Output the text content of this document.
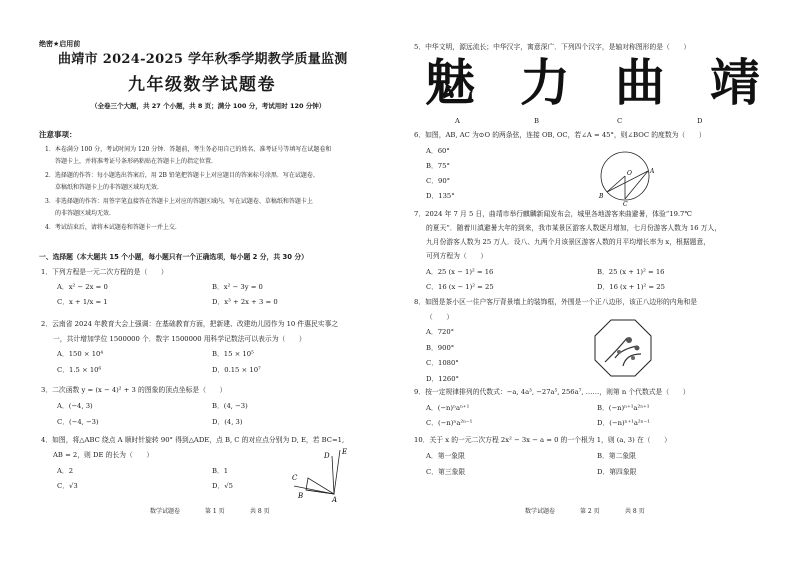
绝密★启用前
曲靖市 2024-2025 学年秋季学期教学质量监测
九年级数学试题卷
（全卷三个大题，共 27 个小题，共 8 页；满分 100 分，考试用时 120 分钟）
注意事项：
1．本卷满分 100 分，考试时间为 120 分钟．答题前，考生务必用自己的姓名、准考证号等填写在试题卷和
答题卡上，并将准考证号条形码粘贴在答题卡上的指定位置.
2．选择题的作答：每小题选出答案后，用 2B 铅笔把答题卡上对应题目的答案标号涂黑．写在试题卷、
草稿纸和答题卡上的非答题区域均无效.
3．非选择题的作答：用签字笔直接答在答题卡上对应的答题区域内，写在试题卷、草稿纸和答题卡上
的非答题区域均无效.
4．考试结束后，请将本试题卷和答题卡一并上交.
一、选择题（本大题共 15 个小题，每小题只有一个正确选项，每小题 2 分，共 30 分）
1．下列方程是一元二次方程的是（　　）
A．x² − 2x = 0	B．x² − 3y = 0
C．x + 1/x = 1	D．x³ + 2x + 3 = 0
2．云南省 2024 年教育大会上强调：在基础教育方面，把新建、改建幼儿园作为 10 件惠民实事之
一，共计增加学位 1500000 个．数字 1500000 用科学记数法可以表示为（　　）
A．150 × 10⁴	B．15 × 10⁵
C．1.5 × 10⁶	D．0.15 × 10⁷
3．二次函数 y = (x − 4)² + 3 的图象的顶点坐标是（　　）
A．(−4, 3)	B．(4, −3)
C．(−4, −3)	D．(4, 3)
4．如图，将△ABC 绕点 A 顺时针旋转 90° 得到△ADE，点 B, C 的对应点分别为 D, E，若 BC=1,
AB = 2，则 DE 的长为（　　）
A．2	B．1
C．√3	D．√5
E
D
C
B	A
数学试题卷	第 1 页	共 8 页
5．中华文明，源远流长；中华汉字，寓意深广．下列四个汉字，是轴对称图形的是（　　）
魅 力 曲 靖
A	B	C	D
6．如图，AB, AC 为⊙O 的两条弦，连接 OB, OC，若∠A = 45°，则∠BOC 的度数为（　　）
A．60°
B．75°
C．90°
D．135°
A
O
B
C
7．2024 年 7 月 5 日，曲靖市举行麒麟新闻发布会，城里各地游客来曲避暑，体验“19.7℃
的夏天”．随着川滇避暑大年的到来，我市某景区游客人数逐月增加，七月份游客人数为 16 万人，
九月份游客人数为 25 万人．设八、九两个月该景区游客人数的月平均增长率为 x，根据题意，
可列方程为（　　）
A．25 (x − 1)² = 16	B．25 (x + 1)² = 16
C．16 (x − 1)² = 25	D．16 (x + 1)² = 25
8．如图是茶小区一住户客厅背景墙上的装饰框，外围是一个正八边形，该正八边形的内角和是
（　　）
A．720°
B．900°
C．1080°
D．1260°
9．按一定规律排列的代数式：−a, 4a³, −27a⁵, 256a⁷, ……，则第 n 个代数式是（　　）
A．(−n)ⁿaⁿ⁺¹	B．(−n)ⁿ⁺¹a²ⁿ⁺¹
C．(−n)ⁿa²ⁿ⁻¹	D．(−n)ⁿ⁺¹a²ⁿ⁻¹
10．关于 x 的一元二次方程 2x² − 3x − a = 0 的一个根为 1，则 (a, 3) 在（　　）
A．第一象限	B．第二象限
C．第三象限	D．第四象限
数学试题卷	第 2 页	共 8 页
